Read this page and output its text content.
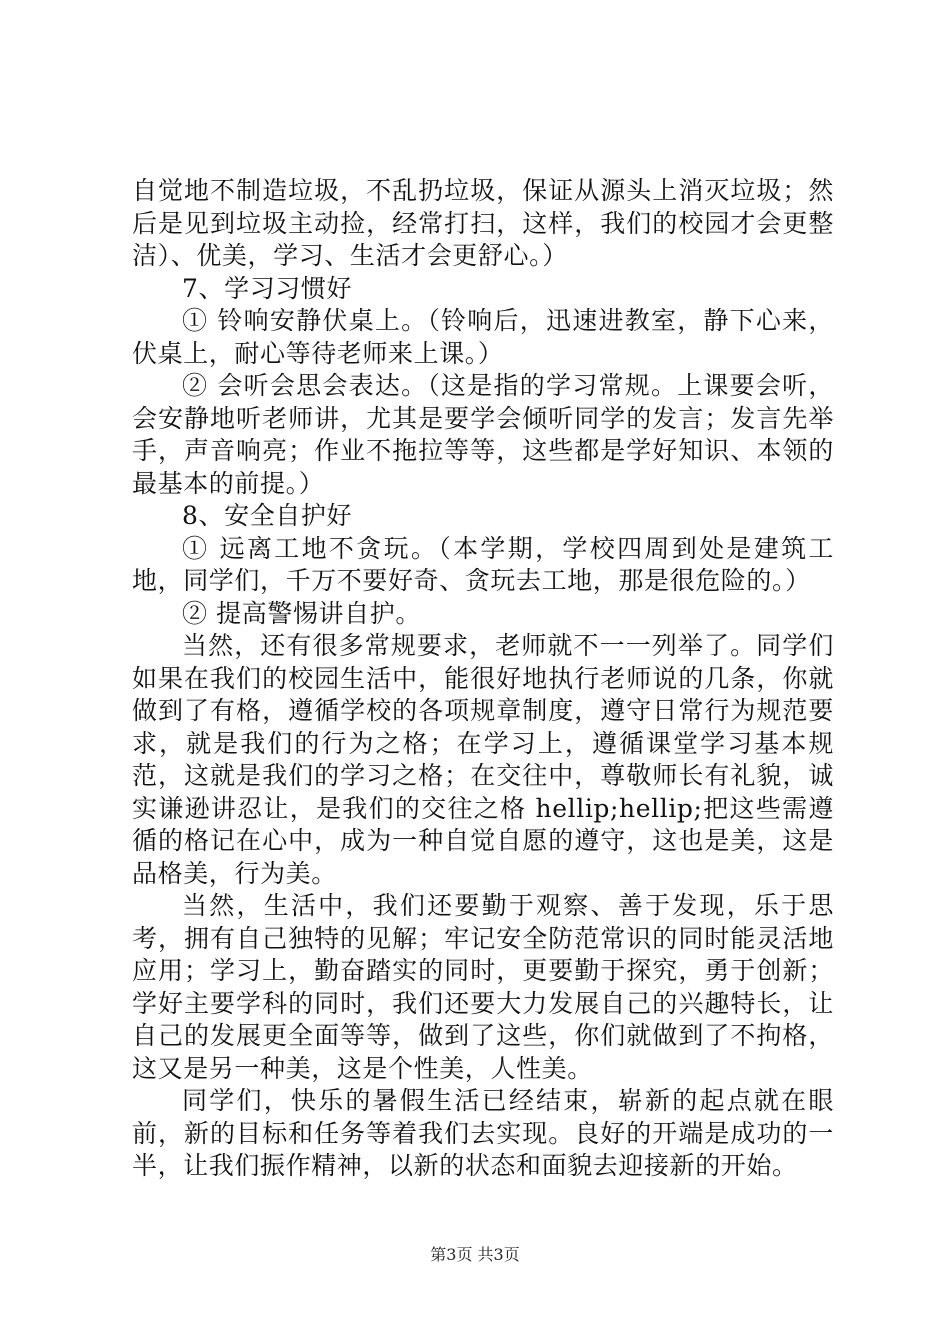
自觉地不制造垃圾，不乱扔垃圾，保证从源头上消灭垃圾；然后是见到垃圾主动捡，经常打扫，这样，我们的校园才会更整洁）、优美，学习、生活才会更舒心。）

7、学习习惯好

① 铃响安静伏桌上。（铃响后，迅速进教室，静下心来，伏桌上，耐心等待老师来上课。）

② 会听会思会表达。（这是指的学习常规。上课要会听，会安静地听老师讲，尤其是要学会倾听同学的发言；发言先举手，声音响亮；作业不拖拉等等，这些都是学好知识、本领的最基本的前提。）

8、安全自护好

① 远离工地不贪玩。（本学期，学校四周到处是建筑工地，同学们，千万不要好奇、贪玩去工地，那是很危险的。）

② 提高警惕讲自护。

当然，还有很多常规要求，老师就不一一列举了。同学们如果在我们的校园生活中，能很好地执行老师说的几条，你就做到了有格，遵循学校的各项规章制度，遵守日常行为规范要求，就是我们的行为之格；在学习上，遵循课堂学习基本规范，这就是我们的学习之格；在交往中，尊敬师长有礼貌，诚实谦逊讲忍让，是我们的交往之格 hellip;hellip;把这些需遵循的格记在心中，成为一种自觉自愿的遵守，这也是美，这是品格美，行为美。

当然，生活中，我们还要勤于观察、善于发现，乐于思考，拥有自己独特的见解；牢记安全防范常识的同时能灵活地应用；学习上，勤奋踏实的同时，更要勤于探究，勇于创新；学好主要学科的同时，我们还要大力发展自己的兴趣特长，让自己的发展更全面等等，做到了这些，你们就做到了不拘格，这又是另一种美，这是个性美，人性美。

同学们，快乐的暑假生活已经结束，崭新的起点就在眼前，新的目标和任务等着我们去实现。良好的开端是成功的一半，让我们振作精神，以新的状态和面貌去迎接新的开始。

第3页 共3页
